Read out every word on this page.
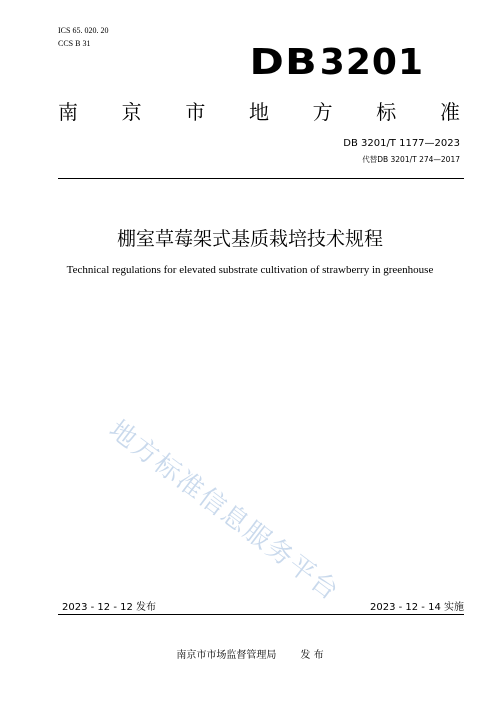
ICS 65. 020. 20
CCS B 31	DB3201
南 京 市 地 方 标 准
DB 3201/T 1177—2023
代替DB 3201/T 274—2017
棚室草莓架式基质栽培技术规程
Technical regulations for elevated substrate cultivation of strawberry in greenhouse
地方标准信息服务平台
2023 - 12 - 12 发布	2023 - 12 - 14 实施
南京市市场监督管理局 发 布
